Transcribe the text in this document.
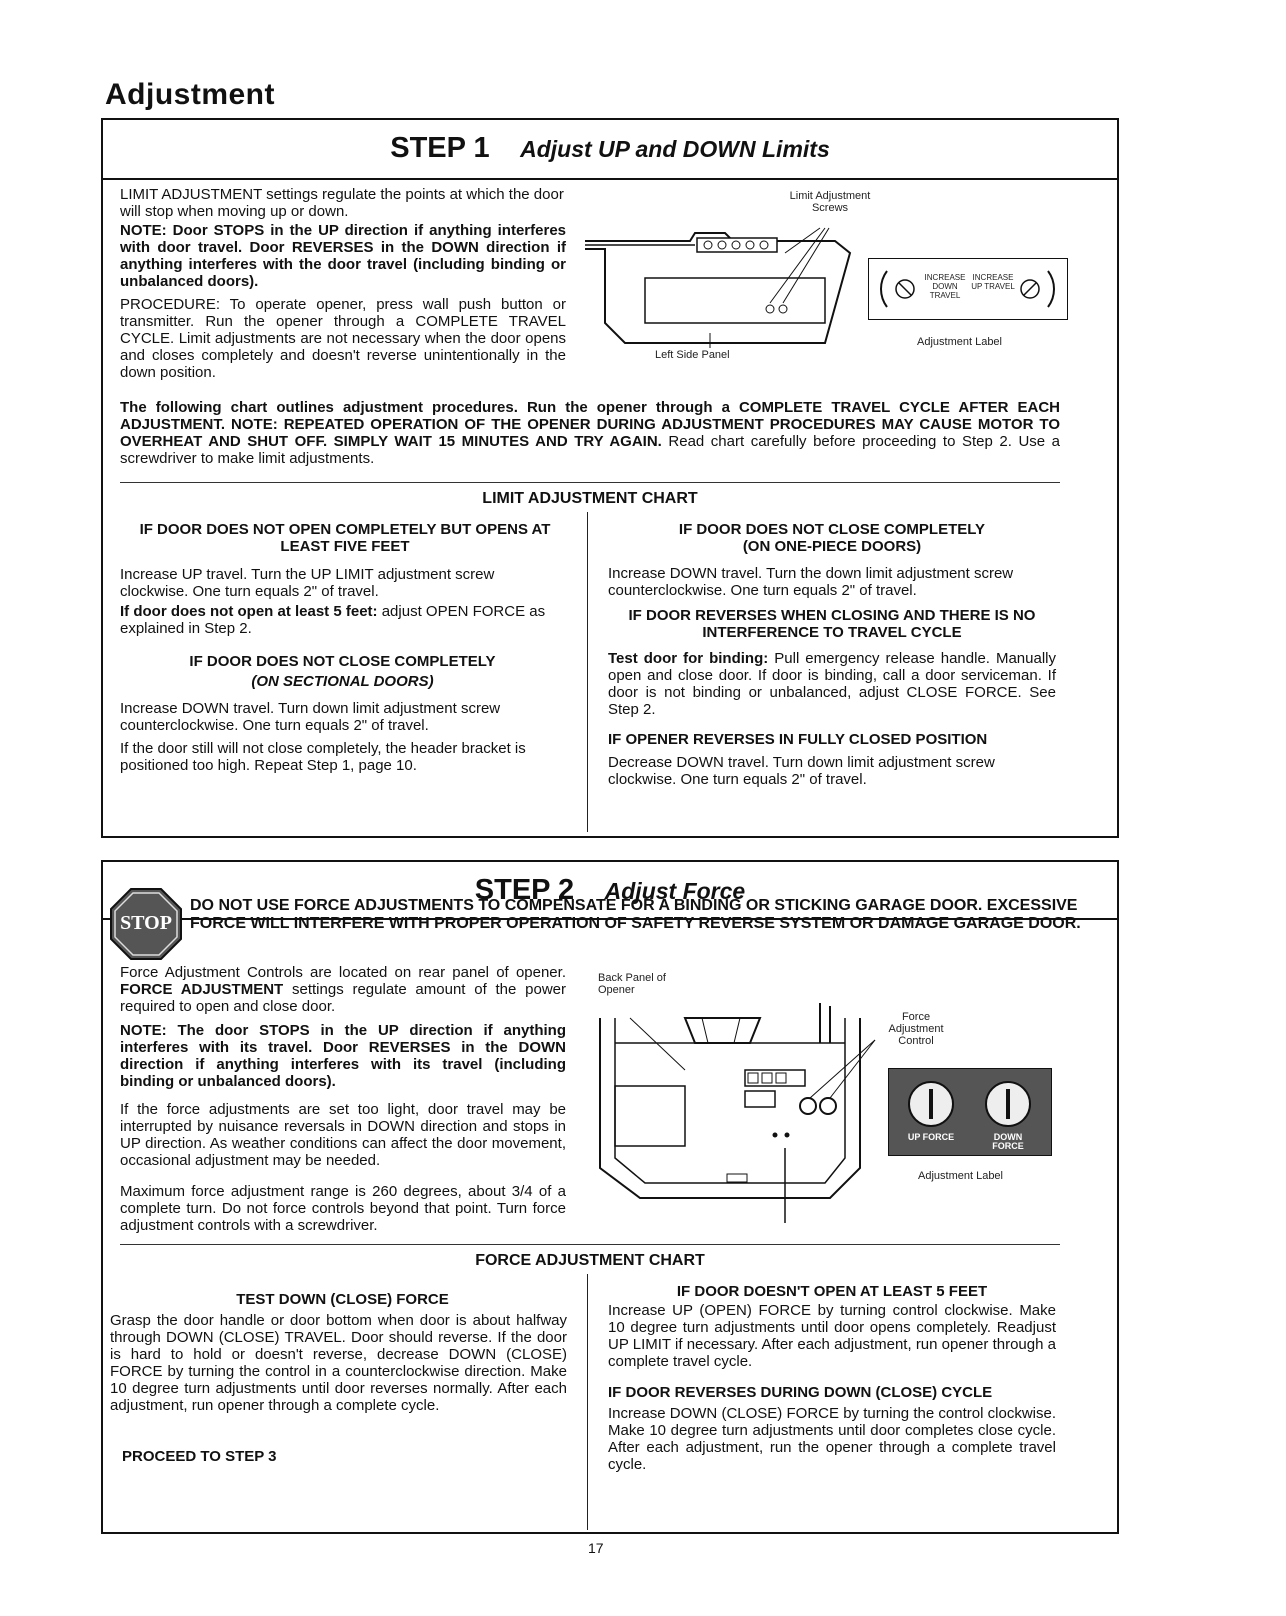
Adjustment
STEP 1 Adjust UP and DOWN Limits
LIMIT ADJUSTMENT settings regulate the points at which the door will stop when moving up or down.
NOTE: Door STOPS in the UP direction if anything interferes with door travel. Door REVERSES in the DOWN direction if anything interferes with the door travel (including binding or unbalanced doors).
PROCEDURE: To operate opener, press wall push button or transmitter. Run the opener through a COMPLETE TRAVEL CYCLE. Limit adjustments are not necessary when the door opens and closes completely and doesn't reverse unintentionally in the down position.
Limit Adjustment Screws
Left Side Panel
INCREASE DOWN TRAVEL
INCREASE UP TRAVEL
Adjustment Label
The following chart outlines adjustment procedures. Run the opener through a COMPLETE TRAVEL CYCLE AFTER EACH ADJUSTMENT. NOTE: REPEATED OPERATION OF THE OPENER DURING ADJUSTMENT PROCEDURES MAY CAUSE MOTOR TO OVERHEAT AND SHUT OFF. SIMPLY WAIT 15 MINUTES AND TRY AGAIN. Read chart carefully before proceeding to Step 2. Use a screwdriver to make limit adjustments.
LIMIT ADJUSTMENT CHART
IF DOOR DOES NOT OPEN COMPLETELY BUT OPENS AT LEAST FIVE FEET
Increase UP travel. Turn the UP LIMIT adjustment screw clockwise. One turn equals 2" of travel.
If door does not open at least 5 feet: adjust OPEN FORCE as explained in Step 2.
IF DOOR DOES NOT CLOSE COMPLETELY
(ON SECTIONAL DOORS)
Increase DOWN travel. Turn down limit adjustment screw counterclockwise. One turn equals 2" of travel.
If the door still will not close completely, the header bracket is positioned too high. Repeat Step 1, page 10.
IF DOOR DOES NOT CLOSE COMPLETELY
(ON ONE-PIECE DOORS)
Increase DOWN travel. Turn the down limit adjustment screw counterclockwise. One turn equals 2" of travel.
IF DOOR REVERSES WHEN CLOSING AND THERE IS NO INTERFERENCE TO TRAVEL CYCLE
Test door for binding: Pull emergency release handle. Manually open and close door. If door is binding, call a door serviceman. If door is not binding or unbalanced, adjust CLOSE FORCE. See Step 2.
IF OPENER REVERSES IN FULLY CLOSED POSITION
Decrease DOWN travel. Turn down limit adjustment screw clockwise. One turn equals 2" of travel.
STEP 2 Adjust Force
STOP
DO NOT USE FORCE ADJUSTMENTS TO COMPENSATE FOR A BINDING OR STICKING GARAGE DOOR. EXCESSIVE FORCE WILL INTERFERE WITH PROPER OPERATION OF SAFETY REVERSE SYSTEM OR DAMAGE GARAGE DOOR.
Force Adjustment Controls are located on rear panel of opener. FORCE ADJUSTMENT settings regulate amount of the power required to open and close door.
NOTE: The door STOPS in the UP direction if anything interferes with its travel. Door REVERSES in the DOWN direction if anything interferes with its travel (including binding or unbalanced doors).
If the force adjustments are set too light, door travel may be interrupted by nuisance reversals in DOWN direction and stops in UP direction. As weather conditions can affect the door movement, occasional adjustment may be needed.
Maximum force adjustment range is 260 degrees, about 3/4 of a complete turn. Do not force controls beyond that point. Turn force adjustment controls with a screwdriver.
Back Panel of Opener
Force Adjustment Control
UP FORCE	DOWN FORCE
Adjustment Label
FORCE ADJUSTMENT CHART
TEST DOWN (CLOSE) FORCE
Grasp the door handle or door bottom when door is about halfway through DOWN (CLOSE) TRAVEL. Door should reverse. If the door is hard to hold or doesn't reverse, decrease DOWN (CLOSE) FORCE by turning the control in a counterclockwise direction. Make 10 degree turn adjustments until door reverses normally. After each adjustment, run opener through a complete cycle.
PROCEED TO STEP 3
IF DOOR DOESN'T OPEN AT LEAST 5 FEET
Increase UP (OPEN) FORCE by turning control clockwise. Make 10 degree turn adjustments until door opens completely. Readjust UP LIMIT if necessary. After each adjustment, run opener through a complete travel cycle.
IF DOOR REVERSES DURING DOWN (CLOSE) CYCLE
Increase DOWN (CLOSE) FORCE by turning the control clockwise. Make 10 degree turn adjustments until door completes close cycle. After each adjustment, run the opener through a complete travel cycle.
17
